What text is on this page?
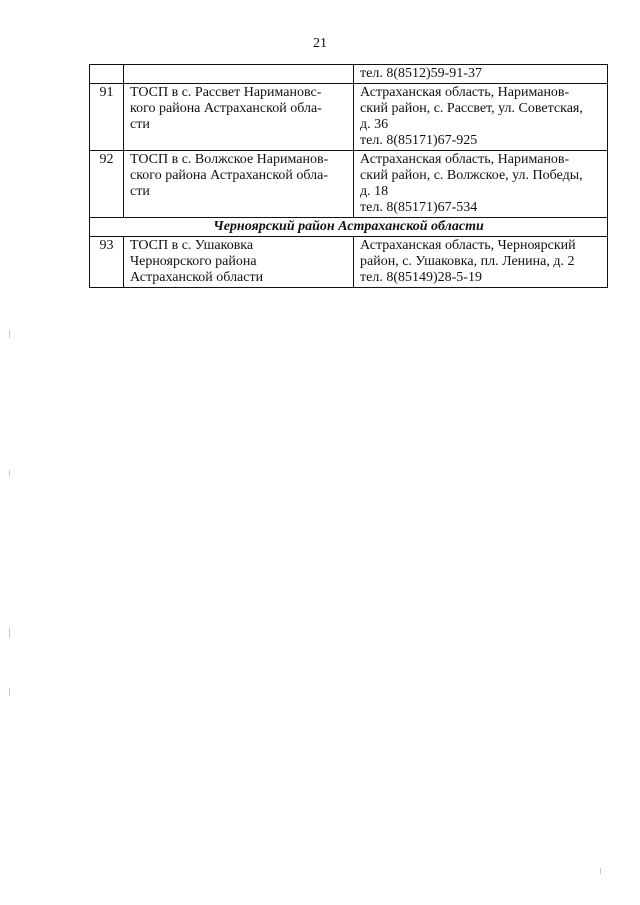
21

		тел. 8(8512)59-91-37

91	ТОСП в с. Рассвет Наримановс-
кого района Астраханской обла-
сти	Астраханская область, Нариманов-
ский район, с. Рассвет, ул. Советская,
д. 36
тел. 8(85171)67-925

92	ТОСП в с. Волжское Нариманов-
ского района Астраханской обла-
сти	Астраханская область, Нариманов-
ский район, с. Волжское, ул. Победы,
д. 18
тел. 8(85171)67-534

Черноярский район Астраханской области		
93	ТОСП в с. Ушаковка
Черноярского района
Астраханской области	Астраханская область, Черноярский
район, с. Ушаковка, пл. Ленина, д. 2
тел. 8(85149)28-5-19
